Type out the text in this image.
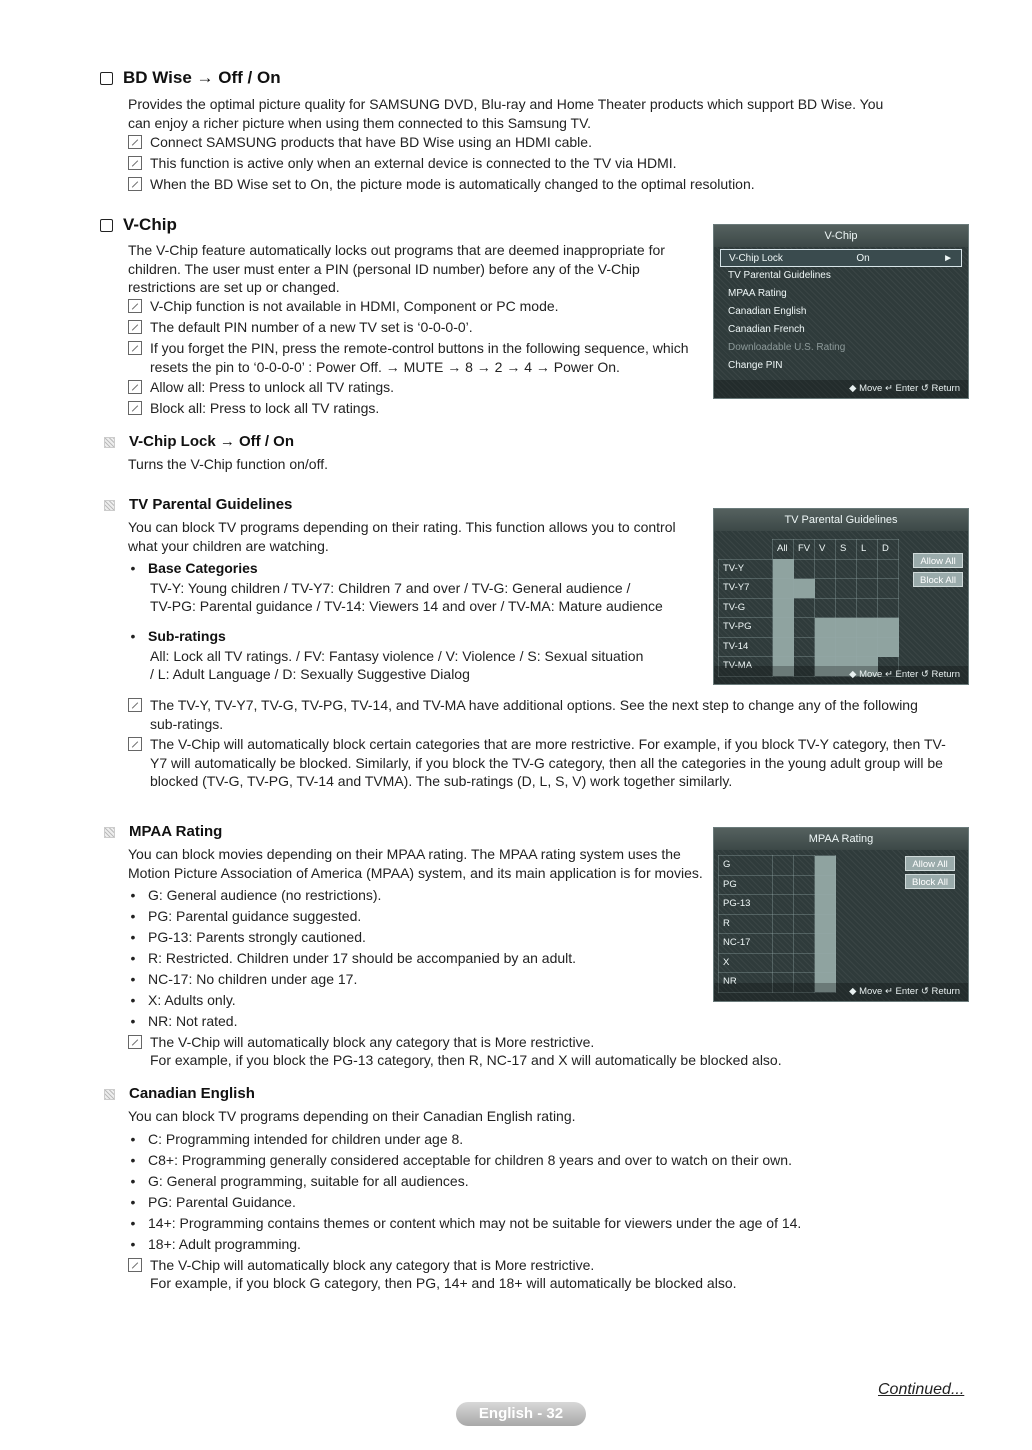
BD Wise → Off / On
Provides the optimal picture quality for SAMSUNG DVD, Blu-ray and Home Theater products which support BD Wise. You can enjoy a richer picture when using them connected to this Samsung TV.
Connect SAMSUNG products that have BD Wise using an HDMI cable.
This function is active only when an external device is connected to the TV via HDMI.
When the BD Wise set to On, the picture mode is automatically changed to the optimal resolution.
V-Chip
The V-Chip feature automatically locks out programs that are deemed inappropriate for children. The user must enter a PIN (personal ID number) before any of the V-Chip restrictions are set up or changed.
V-Chip function is not available in HDMI, Component or PC mode.
The default PIN number of a new TV set is ‘0-0-0-0’.
If you forget the PIN, press the remote-control buttons in the following sequence, which resets the pin to ‘0-0-0-0’ : Power Off. → MUTE → 8 → 2 → 4 → Power On.
Allow all: Press to unlock all TV ratings.
Block all: Press to lock all TV ratings.
V-Chip
V-Chip Lock	On	►
TV Parental Guidelines
MPAA Rating
Canadian English
Canadian French
Downloadable U.S. Rating
Change PIN
◆ Move ↵ Enter ↺ Return
V-Chip Lock → Off / On
Turns the V-Chip function on/off.
TV Parental Guidelines
You can block TV programs depending on their rating. This function allows you to control what your children are watching.
• Base Categories
TV-Y: Young children / TV-Y7: Children 7 and over / TV-G: General audience /
TV-PG: Parental guidance / TV-14: Viewers 14 and over / TV-MA: Mature audience
• Sub-ratings
All: Lock all TV ratings. / FV: Fantasy violence / V: Violence / S: Sexual situation
/ L: Adult Language / D: Sexually Suggestive Dialog
The TV-Y, TV-Y7, TV-G, TV-PG, TV-14, and TV-MA have additional options. See the next step to change any of the following sub-ratings.
The V-Chip will automatically block certain categories that are more restrictive. For example, if you block TV-Y category, then TV-Y7 will automatically be blocked. Similarly, if you block the TV-G category, then all the categories in the young adult group will be blocked (TV-G, TV-PG, TV-14 and TVMA). The sub-ratings (D, L, S, V) work together similarly.
TV Parental Guidelines
	All	FV	V	S	L	D
TV-Y						
TV-Y7						
TV-G						
TV-PG						
TV-14						
TV-MA						
Allow All
Block All
◆ Move ↵ Enter ↺ Return
MPAA Rating
You can block movies depending on their MPAA rating. The MPAA rating system uses the Motion Picture Association of America (MPAA) system, and its main application is for movies.
• G: General audience (no restrictions).
• PG: Parental guidance suggested.
• PG-13: Parents strongly cautioned.
• R: Restricted. Children under 17 should be accompanied by an adult.
• NC-17: No children under age 17.
• X: Adults only.
• NR: Not rated.
The V-Chip will automatically block any category that is More restrictive.
For example, if you block the PG-13 category, then R, NC-17 and X will automatically be blocked also.
MPAA Rating
G			
PG			
PG-13			
R			
NC-17			
X			
NR			
Allow All
Block All
◆ Move ↵ Enter ↺ Return
Canadian English
You can block TV programs depending on their Canadian English rating.
• C: Programming intended for children under age 8.
• C8+: Programming generally considered acceptable for children 8 years and over to watch on their own.
• G: General programming, suitable for all audiences.
• PG: Parental Guidance.
• 14+: Programming contains themes or content which may not be suitable for viewers under the age of 14.
• 18+: Adult programming.
The V-Chip will automatically block any category that is More restrictive.
For example, if you block G category, then PG, 14+ and 18+ will automatically be blocked also.
Continued...
English - 32
